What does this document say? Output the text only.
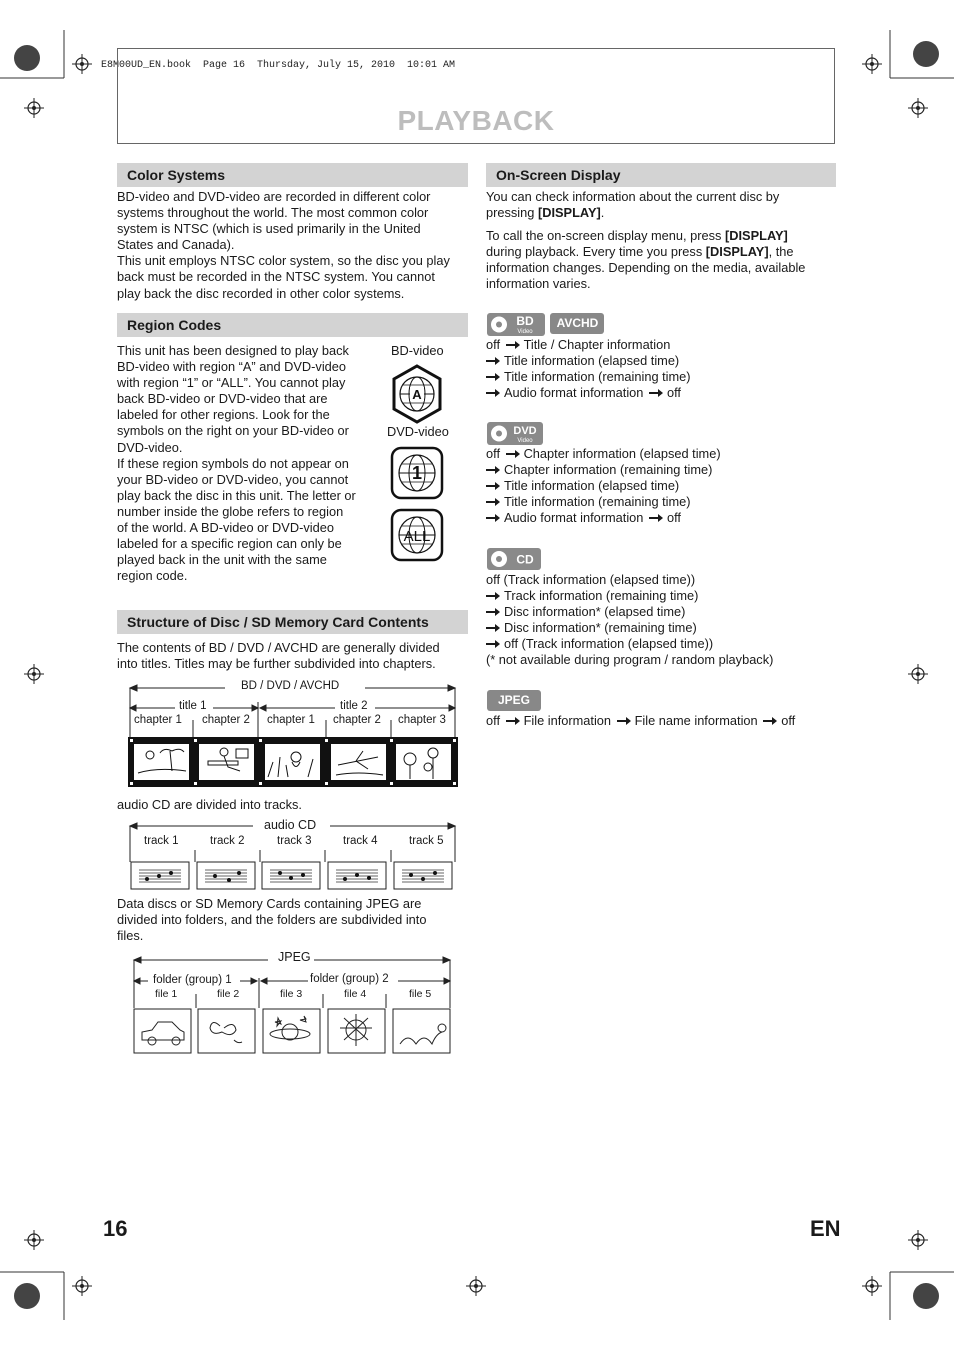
E8M00UD_EN.book  Page 16  Thursday, July 15, 2010  10:01 AM
PLAYBACK
Color Systems
BD-video and DVD-video are recorded in different color
systems throughout the world. The most common color
system is NTSC (which is used primarily in the United
States and Canada).
This unit employs NTSC color system, so the disc you play
back must be recorded in the NTSC system. You cannot
play back the disc recorded in other color systems.
Region Codes
This unit has been designed to play back
BD-video with region “A” and DVD-video
with region “1” or “ALL”. You cannot play
back BD-video or DVD-video that are
labeled for other regions. Look for the
symbols on the right on your BD-video or
DVD-video.
If these region symbols do not appear on
your BD-video or DVD-video, you cannot
play back the disc in this unit. The letter or
number inside the globe refers to region
of the world. A BD-video or DVD-video
labeled for a specific region can only be
played back in the unit with the same
region code.
BD-video
A
DVD-video
1
ALL
Structure of Disc / SD Memory Card Contents
The contents of BD / DVD / AVCHD are generally divided
into titles. Titles may be further subdivided into chapters.
BD / DVD / AVCHD
title 1	title 2
chapter 1 chapter 2 chapter 1 chapter 2 chapter 3
audio CD are divided into tracks.
audio CD
track 1	track 2	track 3	track 4	track 5
Data discs or SD Memory Cards containing JPEG are
divided into folders, and the folders are subdivided into
files.
JPEG
folder (group) 1	folder (group) 2
file 1	file 2	file 3	file 4	file 5
On-Screen Display
You can check information about the current disc by
pressing [DISPLAY].
To call the on-screen display menu, press [DISPLAY]
during playback. Every time you press [DISPLAY], the
information changes. Depending on the media, available
information varies.
BD
Video
AVCHD
off Title / Chapter information
Title information (elapsed time)
Title information (remaining time)
Audio format information off
DVD
Video
off Chapter information (elapsed time)
Chapter information (remaining time)
Title information (elapsed time)
Title information (remaining time)
Audio format information off
CD
off (Track information (elapsed time))
Track information (remaining time)
Disc information* (elapsed time)
Disc information* (remaining time)
off (Track information (elapsed time))
(* not available during program / random playback)
JPEG
off File information File name information off
16	EN
